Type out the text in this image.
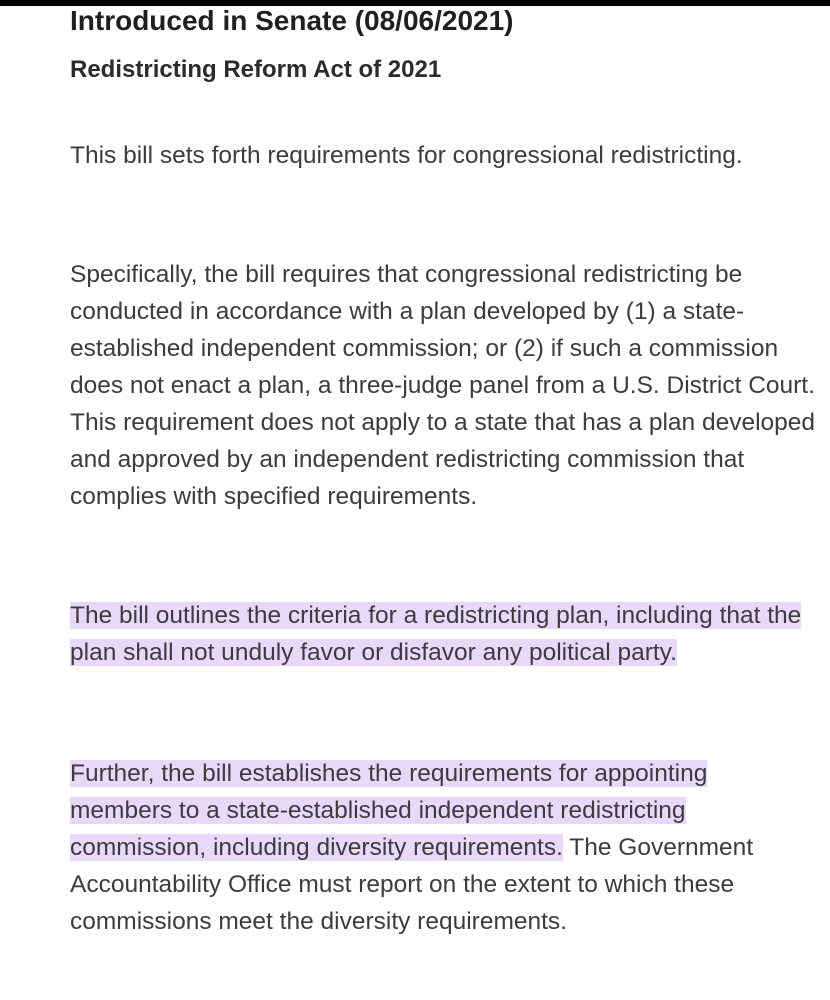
Introduced in Senate (08/06/2021)
Redistricting Reform Act of 2021

This bill sets forth requirements for congressional redistricting.

Specifically, the bill requires that congressional redistricting be conducted in accordance with a plan developed by (1) a state-established independent commission; or (2) if such a commission does not enact a plan, a three-judge panel from a U.S. District Court. This requirement does not apply to a state that has a plan developed and approved by an independent redistricting commission that complies with specified requirements.

The bill outlines the criteria for a redistricting plan, including that the plan shall not unduly favor or disfavor any political party.

Further, the bill establishes the requirements for appointing members to a state-established independent redistricting commission, including diversity requirements. The Government Accountability Office must report on the extent to which these commissions meet the diversity requirements.
